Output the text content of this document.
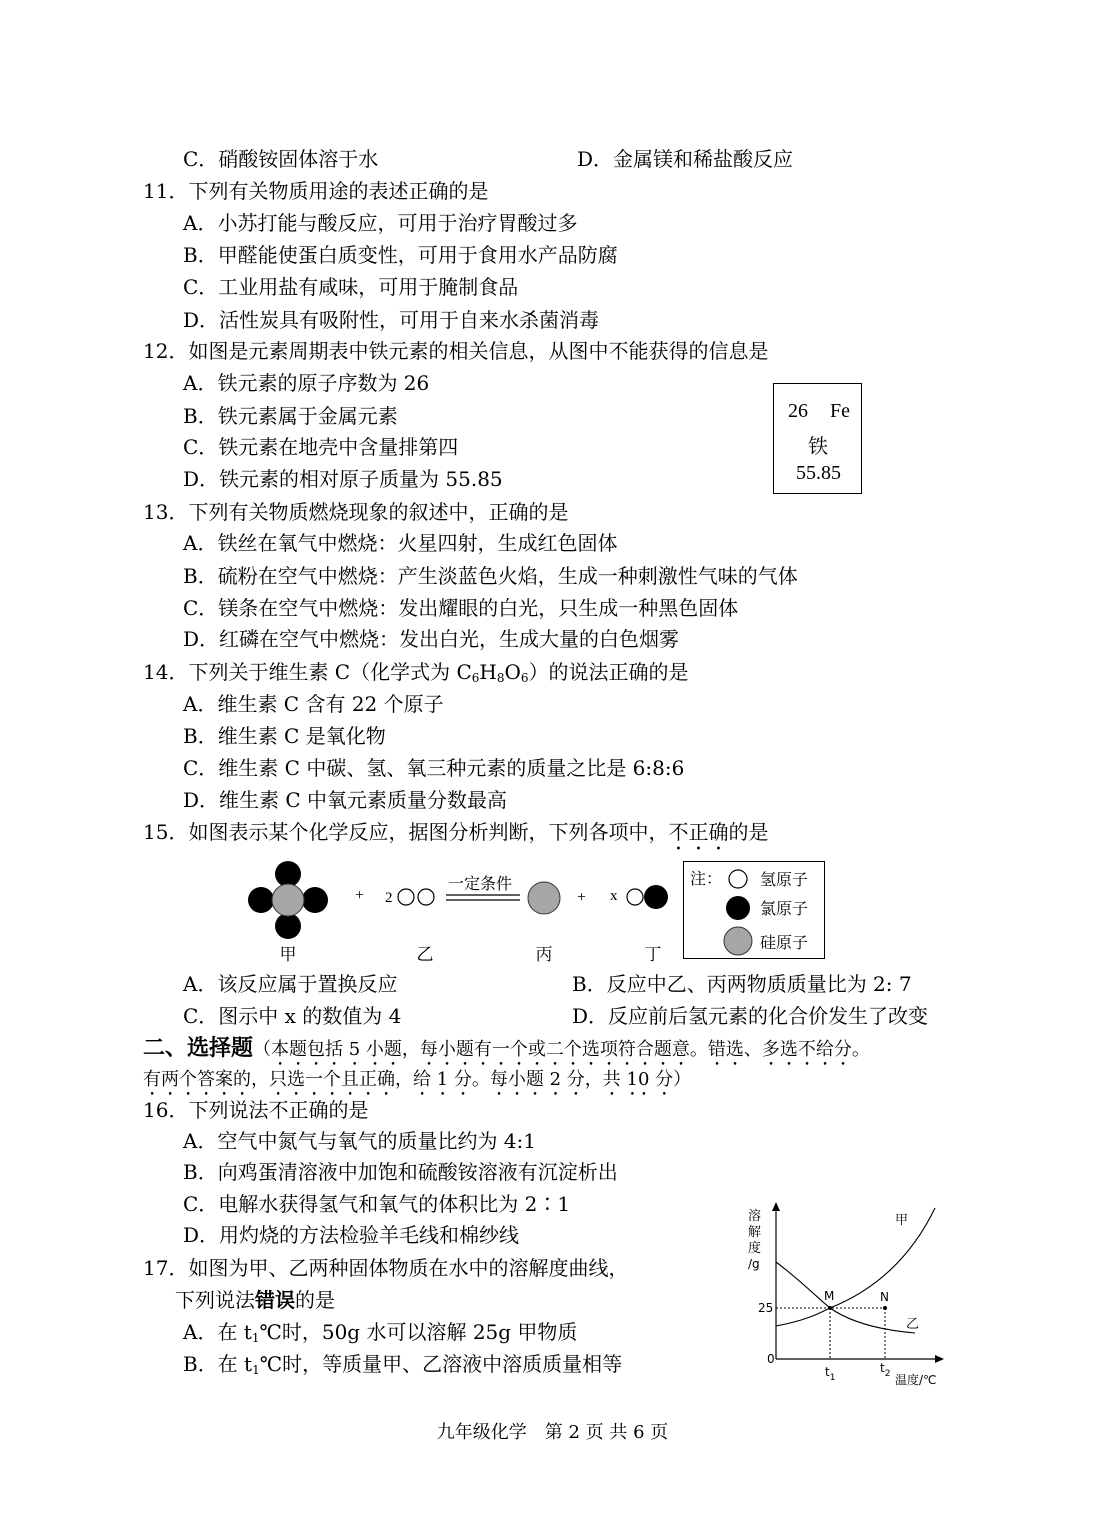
C．硝酸铵固体溶于水	D．金属镁和稀盐酸反应
11．下列有关物质用途的表述正确的是
A．小苏打能与酸反应，可用于治疗胃酸过多
B．甲醛能使蛋白质变性，可用于食用水产品防腐
C．工业用盐有咸味，可用于腌制食品
D．活性炭具有吸附性，可用于自来水杀菌消毒
12．如图是元素周期表中铁元素的相关信息，从图中不能获得的信息是
A．铁元素的原子序数为 26
B．铁元素属于金属元素
C．铁元素在地壳中含量排第四
D．铁元素的相对原子质量为 55.85
26 Fe
铁
55.85
13．下列有关物质燃烧现象的叙述中，正确的是
A．铁丝在氧气中燃烧：火星四射，生成红色固体
B．硫粉在空气中燃烧：产生淡蓝色火焰，生成一种刺激性气味的气体
C．镁条在空气中燃烧：发出耀眼的白光，只生成一种黑色固体
D．红磷在空气中燃烧：发出白光，生成大量的白色烟雾
14．下列关于维生素 C（化学式为 $C_6H_8O_6$）的说法正确的是
A．维生素 C 含有 22 个原子
B．维生素 C 是氧化物
C．维生素 C 中碳、氢、氧三种元素的质量之比是 6:8:6
D．维生素 C 中氧元素质量分数最高
15．如图表示某个化学反应，据图分析判断，下列各项中，不正确的是
+ 2
一定条件
+ x
甲	乙	丙	丁
注： 氢原子
氯原子
硅原子
A．该反应属于置换反应	B．反应中乙、丙两物质质量比为 2: 7
C．图示中 x 的数值为 4	D．反应前后氢元素的化合价发生了改变
二、选择题（本题包括 5 小题，每小题有一个或二个选项符合题意。错选、多选不给分。
有两个答案的，只选一个且正确，给 1 分。每小题 2 分，共 10 分）
16．下列说法不正确的是
A．空气中氮气与氧气的质量比约为 4:1
B．向鸡蛋清溶液中加饱和硫酸铵溶液有沉淀析出
C．电解水获得氢气和氧气的体积比为 2∶1
D．用灼烧的方法检验羊毛线和棉纱线
17．如图为甲、乙两种固体物质在水中的溶解度曲线，
下列说法错误的是
A．在 $t_1℃$时，50g 水可以溶解 25g 甲物质
B．在 $t_1℃$时，等质量甲、乙溶液中溶质质量相等
溶
解
度
/g
M	N
甲
乙
25
0
$t_1$
$t_2$ 温度/℃
九年级化学　第 2 页 共 6 页
